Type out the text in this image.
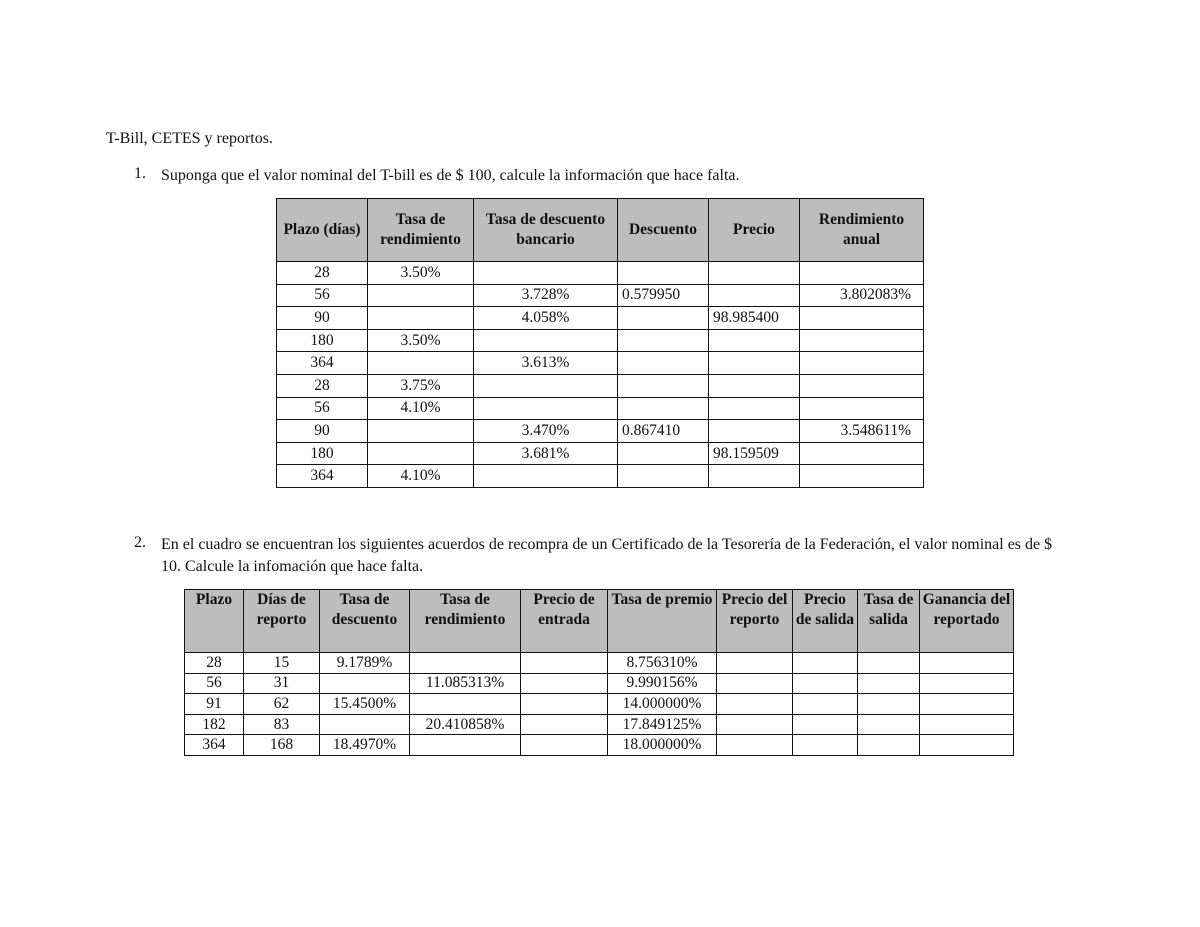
T-Bill, CETES y reportos.
1. Suponga que el valor nominal del T-bill es de $ 100, calcule la información que hace falta.
Plazo (días)	Tasa de rendimiento	Tasa de descuento bancario	Descuento	Precio	Rendimiento anual
28	3.50%				
56		3.728%	0.579950		3.802083%
90		4.058%		98.985400	
180	3.50%				
364		3.613%			
28	3.75%				
56	4.10%				
90		3.470%	0.867410		3.548611%
180		3.681%		98.159509	
364	4.10%				
2. En el cuadro se encuentran los siguientes acuerdos de recompra de un Certificado de la Tesorería de la Federación, el valor nominal es de $ 10. Calcule la infomación que hace falta.
Plazo	Días de reporto	Tasa de descuento	Tasa de rendimiento	Precio de entrada	Tasa de premio	Precio del reporto	Precio de salida	Tasa de salida	Ganancia del reportado
28	15	9.1789%			8.756310%				
56	31		11.085313%		9.990156%				
91	62	15.4500%			14.000000%				
182	83		20.410858%		17.849125%				
364	168	18.4970%			18.000000%				
